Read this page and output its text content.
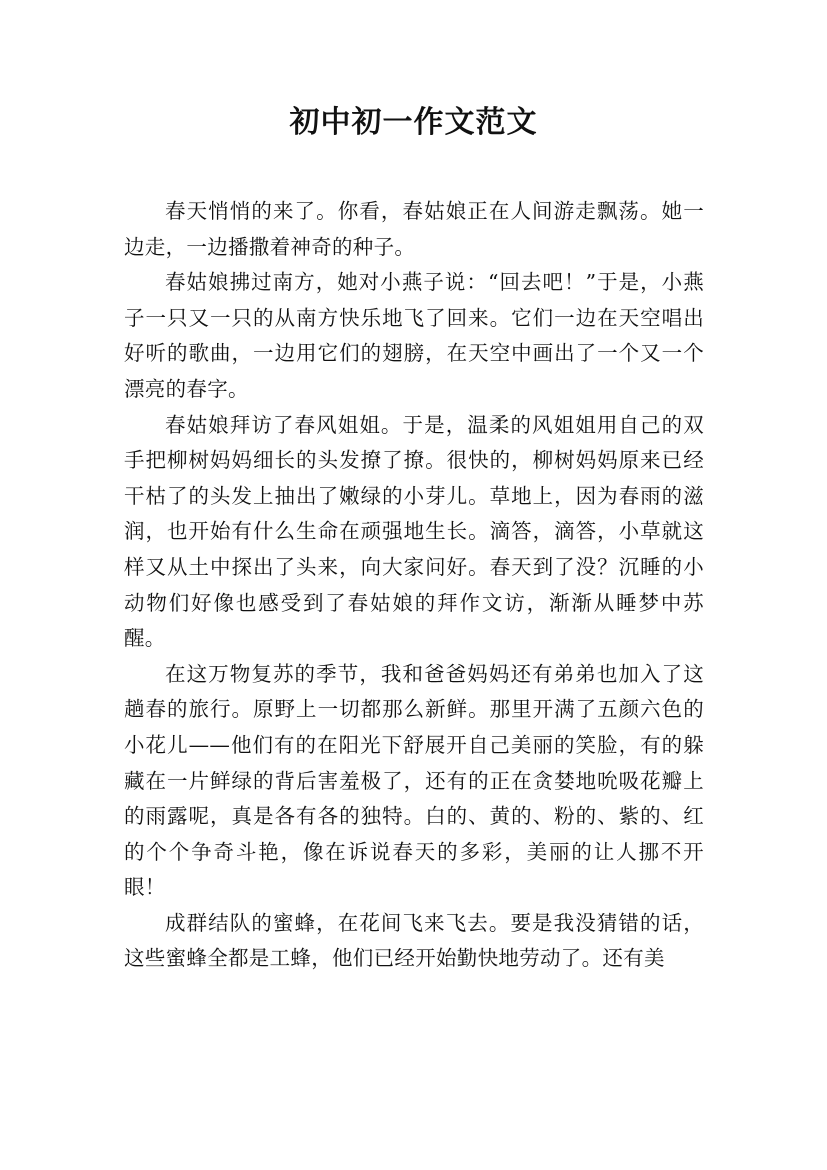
初中初一作文范文

春天悄悄的来了。你看，春姑娘正在人间游走飘荡。她一边走，一边播撒着神奇的种子。

春姑娘拂过南方，她对小燕子说：“回去吧！”于是，小燕子一只又一只的从南方快乐地飞了回来。它们一边在天空唱出好听的歌曲，一边用它们的翅膀，在天空中画出了一个又一个漂亮的春字。

春姑娘拜访了春风姐姐。于是，温柔的风姐姐用自己的双手把柳树妈妈细长的头发撩了撩。很快的，柳树妈妈原来已经干枯了的头发上抽出了嫩绿的小芽儿。草地上，因为春雨的滋润，也开始有什么生命在顽强地生长。滴答，滴答，小草就这样又从土中探出了头来，向大家问好。春天到了没？沉睡的小动物们好像也感受到了春姑娘的拜作文访，渐渐从睡梦中苏醒。

在这万物复苏的季节，我和爸爸妈妈还有弟弟也加入了这趟春的旅行。原野上一切都那么新鲜。那里开满了五颜六色的小花儿——他们有的在阳光下舒展开自己美丽的笑脸，有的躲藏在一片鲜绿的背后害羞极了，还有的正在贪婪地吮吸花瓣上的雨露呢，真是各有各的独特。白的、黄的、粉的、紫的、红的个个争奇斗艳，像在诉说春天的多彩，美丽的让人挪不开眼！

成群结队的蜜蜂，在花间飞来飞去。要是我没猜错的话，这些蜜蜂全都是工蜂，他们已经开始勤快地劳动了。还有美
